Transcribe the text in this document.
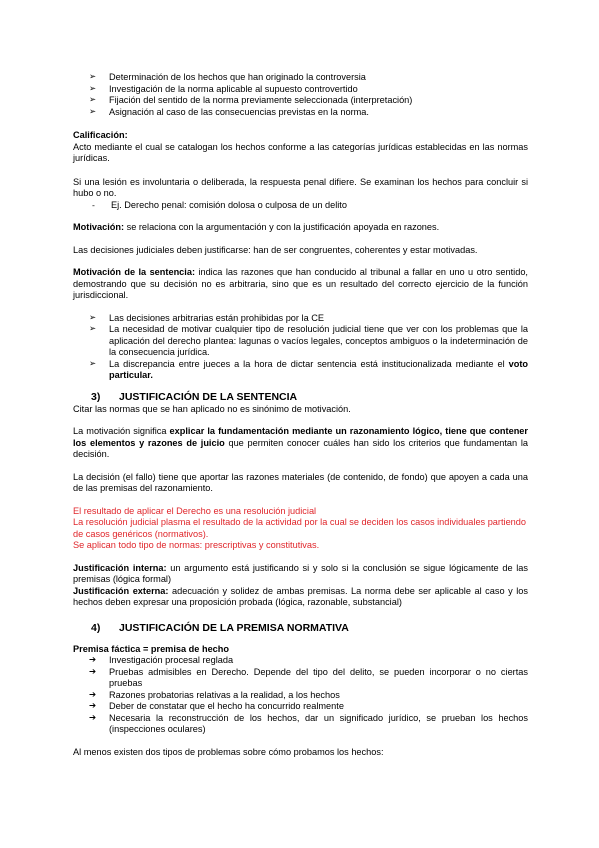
➢ Determinación de los hechos que han originado la controversia
➢ Investigación de la norma aplicable al supuesto controvertido
➢ Fijación del sentido de la norma previamente seleccionada (interpretación)
➢ Asignación al caso de las consecuencias previstas en la norma.
Calificación:
Acto mediante el cual se catalogan los hechos conforme a las categorías jurídicas establecidas en las normas jurídicas.
Si una lesión es involuntaria o deliberada, la respuesta penal difiere. Se examinan los hechos para concluir si hubo o no.
- Ej. Derecho penal: comisión dolosa o culposa de un delito
Motivación: se relaciona con la argumentación y con la justificación apoyada en razones.
Las decisiones judiciales deben justificarse: han de ser congruentes, coherentes y estar motivadas.
Motivación de la sentencia: indica las razones que han conducido al tribunal a fallar en uno u otro sentido, demostrando que su decisión no es arbitraria, sino que es un resultado del correcto ejercicio de la función jurisdiccional.
➢ Las decisiones arbitrarias están prohibidas por la CE
➢ La necesidad de motivar cualquier tipo de resolución judicial tiene que ver con los problemas que la aplicación del derecho plantea: lagunas o vacíos legales, conceptos ambiguos o la indeterminación de la consecuencia jurídica.
➢ La discrepancia entre jueces a la hora de dictar sentencia está institucionalizada mediante el voto particular.
3) JUSTIFICACIÓN DE LA SENTENCIA
Citar las normas que se han aplicado no es sinónimo de motivación.
La motivación significa explicar la fundamentación mediante un razonamiento lógico, tiene que contener los elementos y razones de juicio que permiten conocer cuáles han sido los criterios que fundamentan la decisión.
La decisión (el fallo) tiene que aportar las razones materiales (de contenido, de fondo) que apoyen a cada una de las premisas del razonamiento.
El resultado de aplicar el Derecho es una resolución judicial
La resolución judicial plasma el resultado de la actividad por la cual se deciden los casos individuales partiendo de casos genéricos (normativos).
Se aplican todo tipo de normas: prescriptivas y constitutivas.
Justificación interna: un argumento está justificando si y solo si la conclusión se sigue lógicamente de las premisas (lógica formal)
Justificación externa: adecuación y solidez de ambas premisas. La norma debe ser aplicable al caso y los hechos deben expresar una proposición probada (lógica, razonable, substancial)
4) JUSTIFICACIÓN DE LA PREMISA NORMATIVA
Premisa fáctica = premisa de hecho
➔ Investigación procesal reglada
➔ Pruebas admisibles en Derecho. Depende del tipo del delito, se pueden incorporar o no ciertas pruebas
➔ Razones probatorias relativas a la realidad, a los hechos
➔ Deber de constatar que el hecho ha concurrido realmente
➔ Necesaria la reconstrucción de los hechos, dar un significado jurídico, se prueban los hechos (inspecciones oculares)
Al menos existen dos tipos de problemas sobre cómo probamos los hechos:
